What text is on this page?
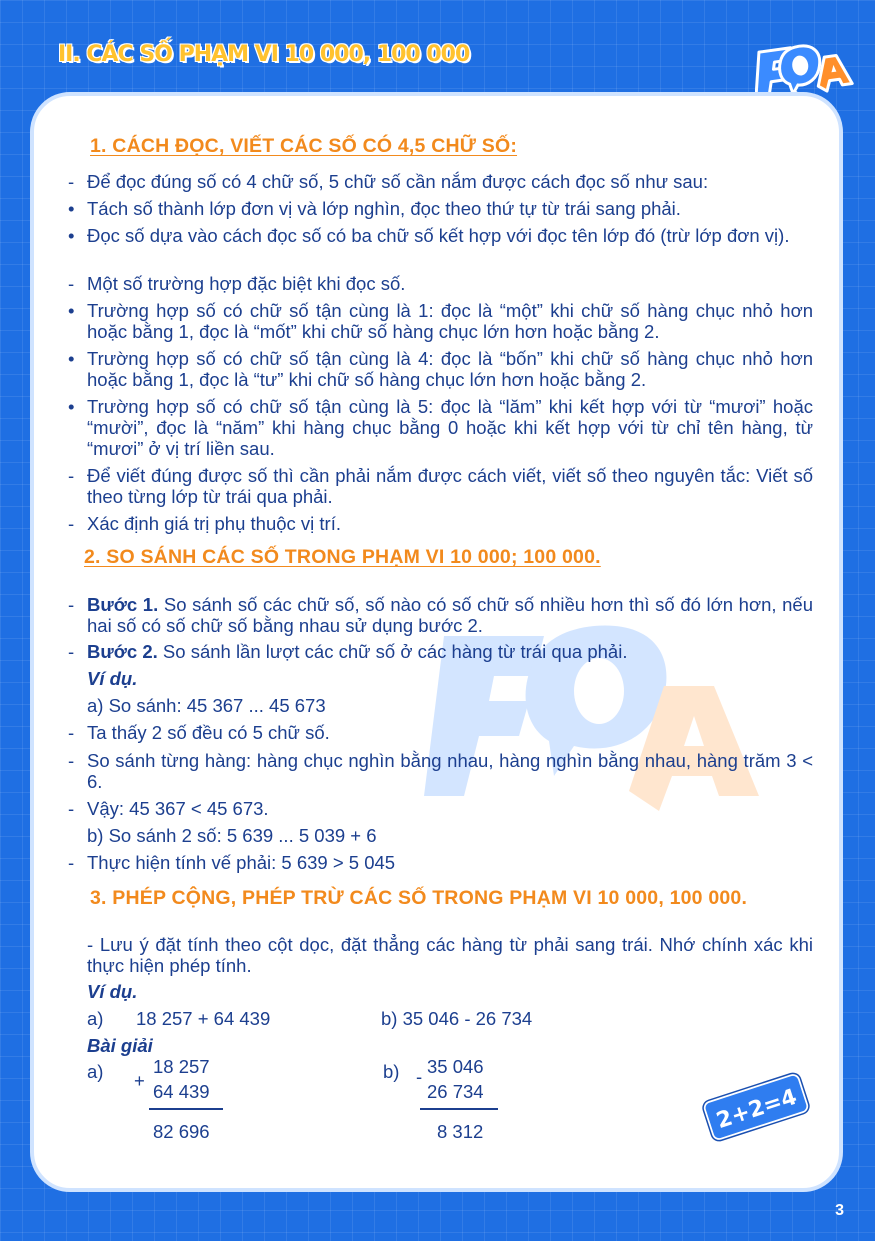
II. CÁC SỐ PHẠM VI 10 000, 100 000
1. CÁCH ĐỌC, VIẾT CÁC SỐ CÓ 4,5 CHỮ SỐ:
- Để đọc đúng số có 4 chữ số, 5 chữ số cần nắm được cách đọc số như sau:
• Tách số thành lớp đơn vị và lớp nghìn, đọc theo thứ tự từ trái sang phải.
• Đọc số dựa vào cách đọc số có ba chữ số kết hợp với đọc tên lớp đó (trừ lớp đơn vị).
- Một số trường hợp đặc biệt khi đọc số.
• Trường hợp số có chữ số tận cùng là 1: đọc là “một” khi chữ số hàng chục nhỏ hơn hoặc bằng 1, đọc là “mốt” khi chữ số hàng chục lớn hơn hoặc bằng 2.
• Trường hợp số có chữ số tận cùng là 4: đọc là “bốn” khi chữ số hàng chục nhỏ hơn hoặc bằng 1, đọc là “tư” khi chữ số hàng chục lớn hơn hoặc bằng 2.
• Trường hợp số có chữ số tận cùng là 5: đọc là “lăm” khi kết hợp với từ “mươi” hoặc “mười”, đọc là “năm” khi hàng chục bằng 0 hoặc khi kết hợp với từ chỉ tên hàng, từ “mươi” ở vị trí liền sau.
- Để viết đúng được số thì cần phải nắm được cách viết, viết số theo nguyên tắc: Viết số theo từng lớp từ trái qua phải.
- Xác định giá trị phụ thuộc vị trí.
2. SO SÁNH CÁC SỐ TRONG PHẠM VI 10 000; 100 000.
- Bước 1. So sánh số các chữ số, số nào có số chữ số nhiều hơn thì số đó lớn hơn, nếu hai số có số chữ số bằng nhau sử dụng bước 2.
- Bước 2. So sánh lần lượt các chữ số ở các hàng từ trái qua phải.
Ví dụ.
a) So sánh: 45 367 ... 45 673
- Ta thấy 2 số đều có 5 chữ số.
- So sánh từng hàng: hàng chục nghìn bằng nhau, hàng nghìn bằng nhau, hàng trăm 3 < 6.
- Vậy: 45 367 < 45 673.
b) So sánh 2 số: 5 639 ... 5 039 + 6
- Thực hiện tính vế phải: 5 639 > 5 045
3. PHÉP CỘNG, PHÉP TRỪ CÁC SỐ TRONG PHẠM VI 10 000, 100 000.
- Lưu ý đặt tính theo cột dọc, đặt thẳng các hàng từ phải sang trái. Nhớ chính xác khi thực hiện phép tính.
Ví dụ.
a) 18 257 + 64 439	b) 35 046 - 26 734
Bài giải
a) +
18 257
64 439
82 696
b) - 35 046
26 734
8 312	2+2=4
3
